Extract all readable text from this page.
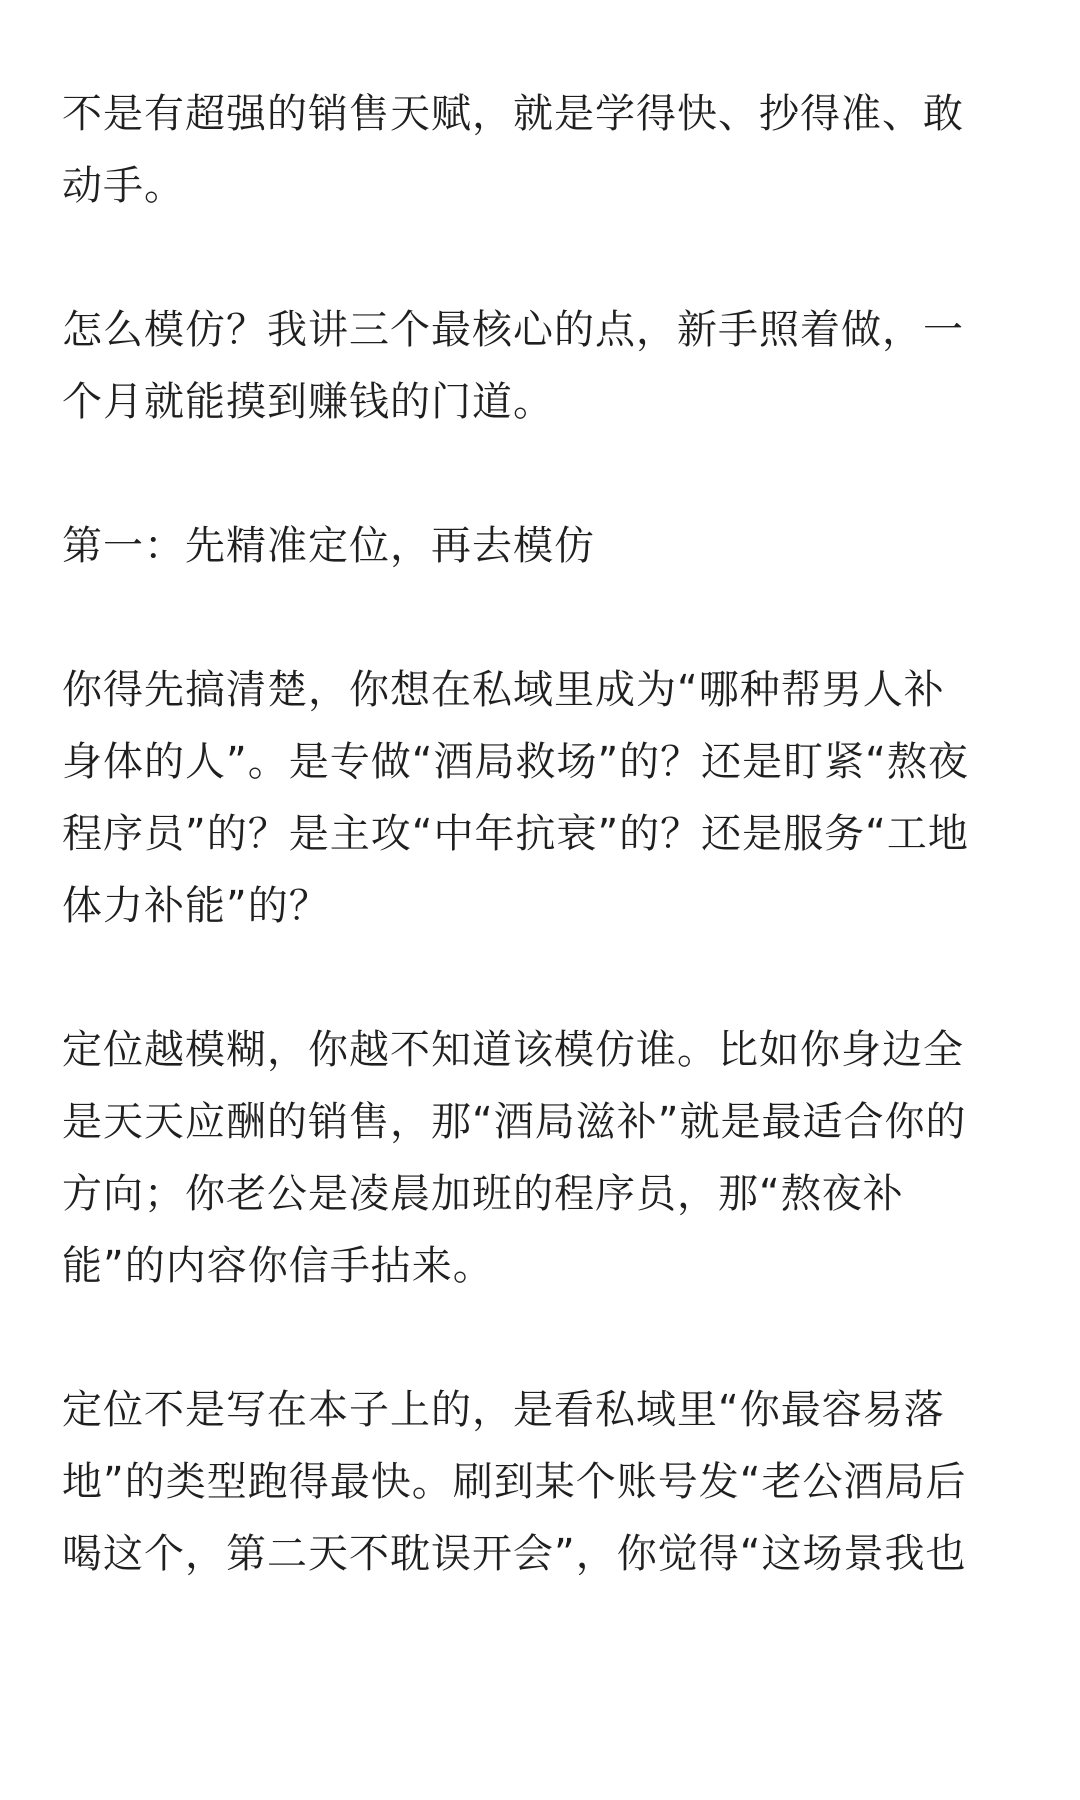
不是有超强的销售天赋，就是学得快、抄得准、敢
动手。

怎么模仿？我讲三个最核心的点，新手照着做，一
个月就能摸到赚钱的门道。

第一：先精准定位，再去模仿

你得先搞清楚，你想在私域里成为“哪种帮男人补
身体的人”。是专做“酒局救场”的？还是盯紧“熬夜
程序员”的？是主攻“中年抗衰”的？还是服务“工地
体力补能”的？

定位越模糊，你越不知道该模仿谁。比如你身边全
是天天应酬的销售，那“酒局滋补”就是最适合你的
方向；你老公是凌晨加班的程序员，那“熬夜补
能”的内容你信手拈来。

定位不是写在本子上的，是看私域里“你最容易落
地”的类型跑得最快。刷到某个账号发“老公酒局后
喝这个，第二天不耽误开会”，你觉得“这场景我也
